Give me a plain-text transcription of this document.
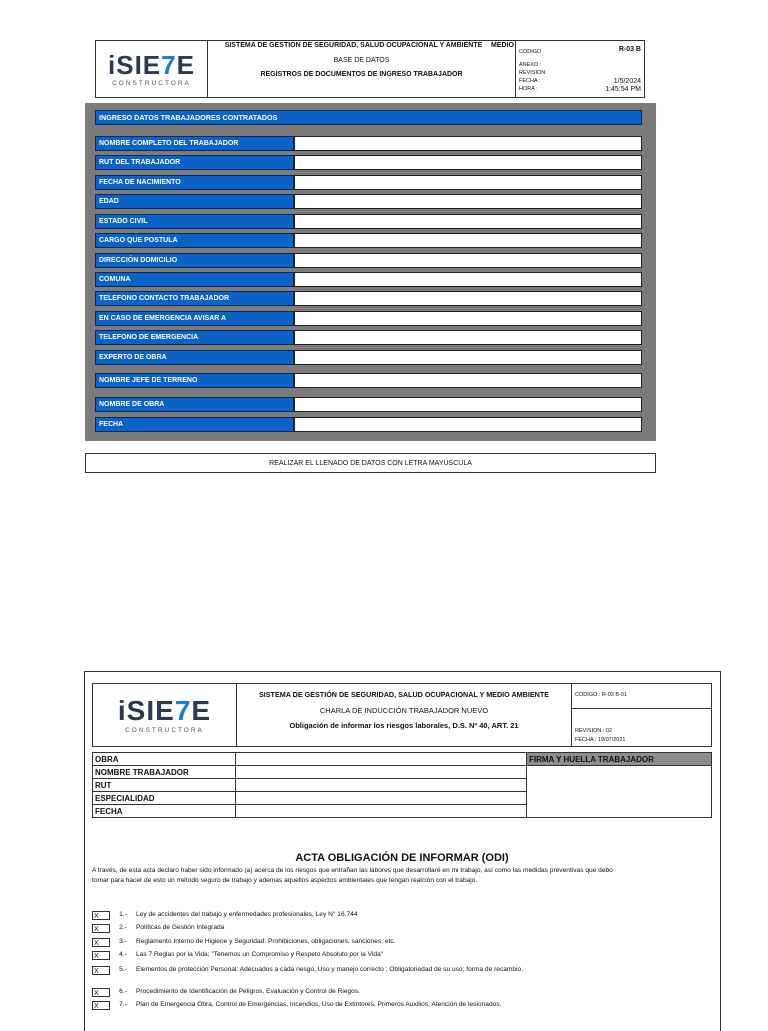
iSIE7E
CONSTRUCTORA
SISTEMA DE GESTIÓN DE SEGURIDAD, SALUD OCUPACIONAL Y AMBIENTE	MEDIO
BASE DE DATOS
REGISTROS DE DOCUMENTOS DE INGRESO TRABAJADOR
CODIGO	R-03 B
ANEXO :
REVISION
FECHA :	1/5/2024
HORA :	1:45:54 PM
INGRESO DATOS TRABAJADORES CONTRATADOS
NOMBRE COMPLETO DEL TRABAJADOR
RUT DEL TRABAJADOR
FECHA DE NACIMIENTO
EDAD
ESTADO CIVIL
CARGO QUE POSTULA
DIRECCIÓN DOMICILIO
COMUNA
TELEFONO CONTACTO TRABAJADOR
EN CASO DE EMERGENCIA AVISAR A
TELEFONO DE EMERGENCIA
EXPERTO DE OBRA
NOMBRE JEFE DE TERRENO
NOMBRE DE OBRA
FECHA
REALIZAR EL LLENADO DE DATOS CON LETRA MAYÚSCULA
iSIE7E
CONSTRUCTORA
SISTEMA DE GESTIÓN DE SEGURIDAD, SALUD OCUPACIONAL Y MEDIO AMBIENTE
CHARLA DE INDUCCIÓN TRABAJADOR NUEVO
Obligación de informar los riesgos laborales, D.S. Nº 40, ART. 21
CODIGO : R-03 B-01
REVISION : 02
FECHA : 19/07/2021
OBRA		FIRMA Y HUELLA TRABAJADOR
NOMBRE TRABAJADOR		
RUT		
ESPECIALIDAD		
FECHA		
ACTA OBLIGACIÓN DE INFORMAR (ODI)
A través, de esta acta declaro haber sido informado (a) acerca de los riesgos que entrañan las labores que desarrollaré en mi trabajo, así como las medidas preventivas que debo tomar para hacer de esto un método seguro de trabajo y ademas aquellos aspectos ambientales que tengan realción con el trabajo.
X	1.-	Ley de accidentes del trabajo y enfermedades profesionales, Ley N° 16.744
X	2.-	Políticas de Gestión Integrada
X	3.-	Reglamento Interno de Higiene y Seguridad: Prohibiciones, obligaciones, sanciones, etc.
X	4.-	Las 7 Reglas por la Vida; "Tenemos un Compromiso y Respeto Absoluto por la Vida"
X	5.-	Elementos de protección Personal: Adecuados a cada riesgo, Uso y manejo correcto ; Obligatoriedad de su uso; forma de recambio.
X	6.-	Procedimiento de Identificación de Peligros, Evaluación y Control de Riegos.
X	7.-	Plan de Emergencia Obra, Control de Emergencias, Incendios, Uso de Extintores, Primeros Auxilios, Atención de lesionados.
